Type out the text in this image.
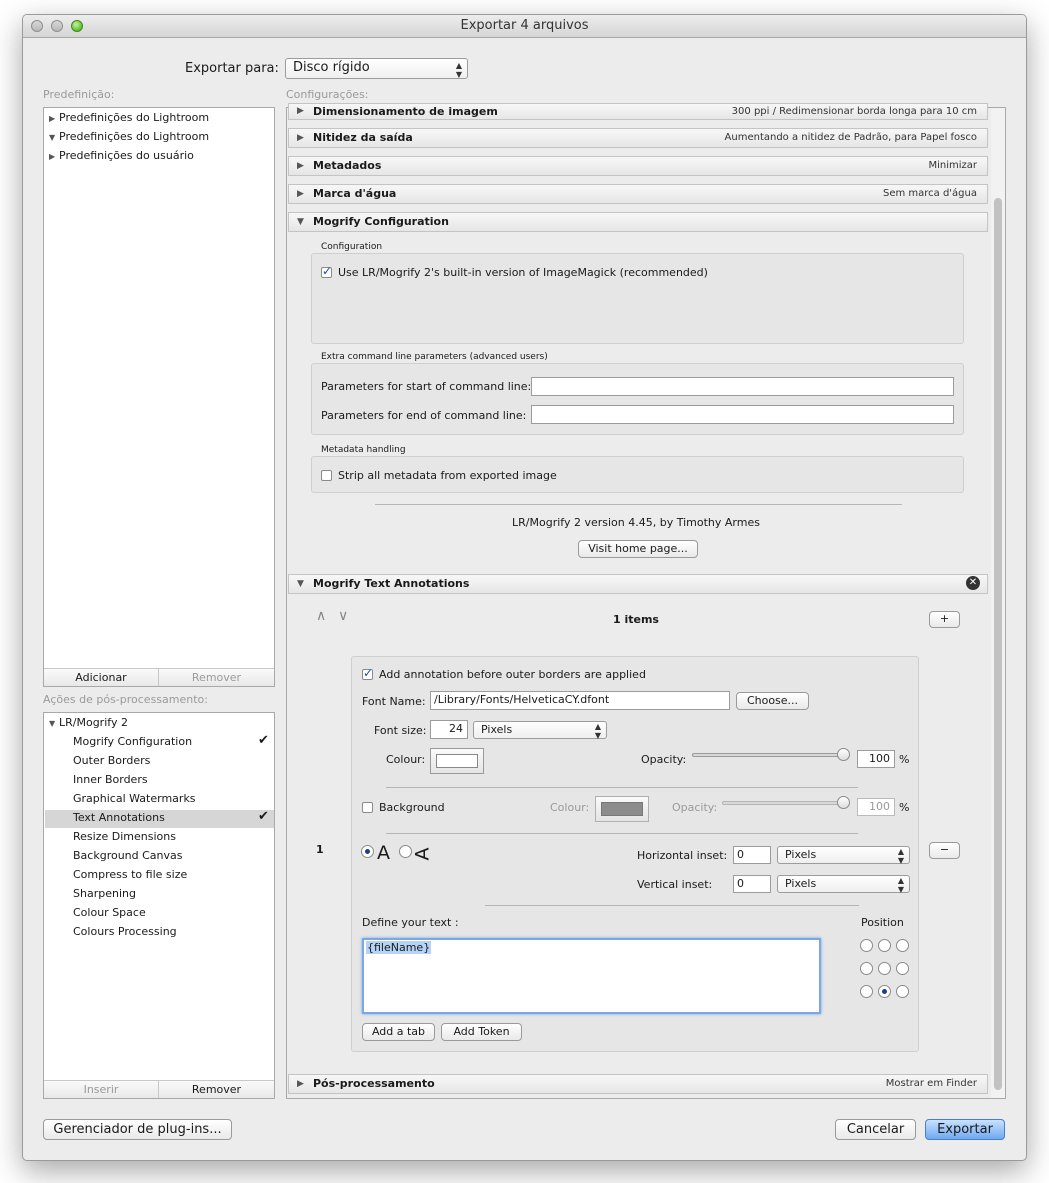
Exportar 4 arquivos
Exportar para:	Disco rígido	▲
▼
Predefinição:
▶ Predefinições do Lightroom
▼ Predefinições do Lightroom
▶ Predefinições do usuário
Adicionar	Remover
Ações de pós-processamento:
▼ LR/Mogrify 2
Mogrify Configuration	✔
Outer Borders
Inner Borders
Graphical Watermarks
Text Annotations	✔
Resize Dimensions
Background Canvas
Compress to file size
Sharpening
Colour Space
Colours Processing
Inserir	Remover
Configurações:
▶ Dimensionamento de imagem	300 ppi / Redimensionar borda longa para 10 cm
▶ Nitidez da saída	Aumentando a nitidez de Padrão, para Papel fosco
▶ Metadados	Minimizar
▶ Marca d'água	Sem marca d'água
▼ Mogrify Configuration
Configuration
✓
Use LR/Mogrify 2's built-in version of ImageMagick (recommended)
Extra command line parameters (advanced users)
Parameters for start of command line:
Parameters for end of command line:
Metadata handling
Strip all metadata from exported image
LR/Mogrify 2 version 4.45, by Timothy Armes
Visit home page...
▼ Mogrify Text Annotations	✕
∧ ∨	1 items	+
1	−
✓
Add annotation before outer borders are applied
Font Name: /Library/Fonts/HelveticaCY.dfont	Choose...
Font size:	24	Pixels	▲
▼
Colour:	Opacity:	100 %
Background	Colour:	Opacity:	100 %
A A	Horizontal inset: 0	Pixels	▲
▼
Vertical inset:	0	Pixels	▲
▼
Define your text :	Position
{fileName}
Add a tab	Add Token
▶ Pós-processamento	Mostrar em Finder
Gerenciador de plug-ins...	Cancelar	Exportar
